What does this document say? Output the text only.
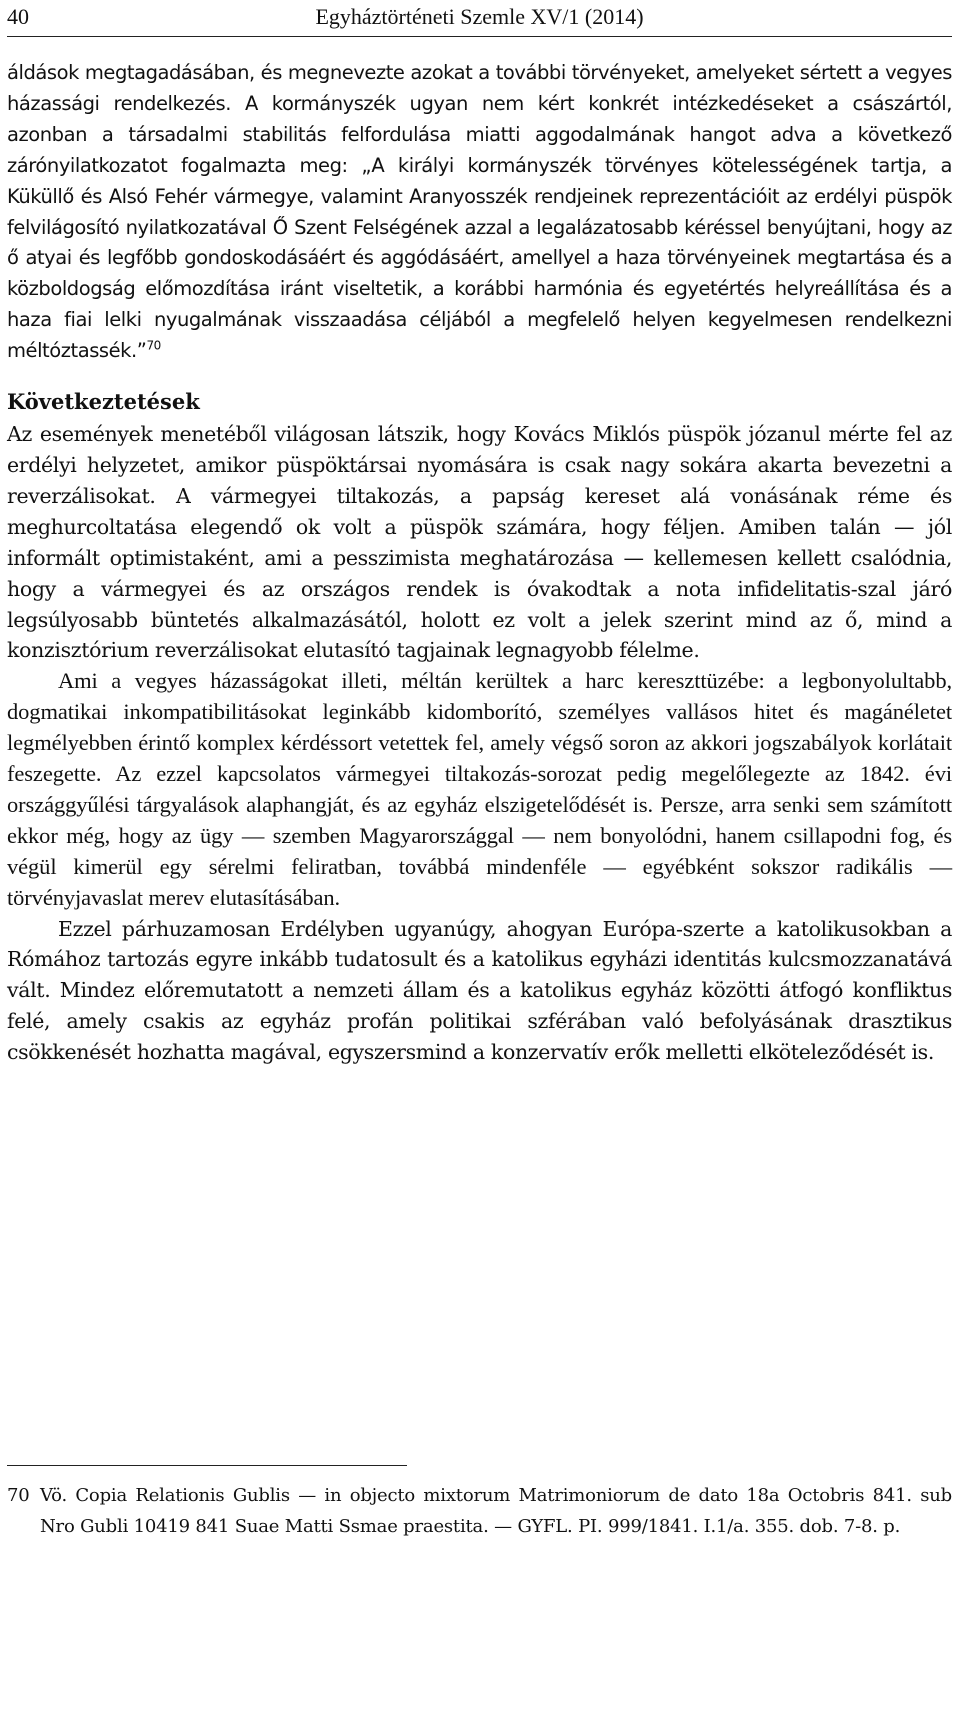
40	Egyháztörténeti Szemle XV/1 (2014)

áldások megtagadásában, és megnevezte azokat a további törvényeket, amelyeket sértett a vegyes házassági rendelkezés. A kormányszék ugyan nem kért konkrét intézkedéseket a császártól, azonban a társadalmi stabilitás felfordulása miatti aggodalmának hangot adva a következő zárónyilatkozatot fogalmazta meg: „A királyi kormányszék törvényes kötelességének tartja, a Küküllő és Alsó Fehér vármegye, valamint Aranyosszék rendjeinek reprezentációit az erdélyi püspök felvilágosító nyilatkozatával Ő Szent Felségének azzal a legalázatosabb kéréssel benyújtani, hogy az ő atyai és legfőbb gondoskodásáért és aggódásáért, amellyel a haza törvényeinek megtartása és a közboldogság előmozdítása iránt viseltetik, a korábbi harmónia és egyetértés helyreállítása és a haza fiai lelki nyugalmának visszaadása céljából a megfelelő helyen kegyelmesen rendelkezni méltóztassék.”$^{70}$

Következtetések

Az események menetéből világosan látszik, hogy Kovács Miklós püspök józanul mérte fel az erdélyi helyzetet, amikor püspöktársai nyomására is csak nagy sokára akarta bevezetni a reverzálisokat. A vármegyei tiltakozás, a papság kereset alá vonásának réme és meghurcoltatása elegendő ok volt a püspök számára, hogy féljen. Amiben talán — jól informált optimistaként, ami a pesszimista meghatározása — kellemesen kellett csalódnia, hogy a vármegyei és az országos rendek is óvakodtak a nota infidelitatis-szal járó legsúlyosabb büntetés alkalmazásától, holott ez volt a jelek szerint mind az ő, mind a konzisztórium reverzálisokat elutasító tagjainak legnagyobb félelme.

Ami a vegyes házasságokat illeti, méltán kerültek a harc kereszttüzébe: a legbonyolultabb, dogmatikai inkompatibilitásokat leginkább kidomborító, személyes vallásos hitet és magánéletet legmélyebben érintő komplex kérdéssort vetettek fel, amely végső soron az akkori jogszabályok korlátait feszegette. Az ezzel kapcsolatos vármegyei tiltakozás-sorozat pedig megelőlegezte az 1842. évi országgyűlési tárgyalások alaphangját, és az egyház elszigetelődését is. Persze, arra senki sem számított ekkor még, hogy az ügy — szemben Magyarországgal — nem bonyolódni, hanem csillapodni fog, és végül kimerül egy sérelmi feliratban, továbbá mindenféle — egyébként sokszor radikális — törvényjavaslat merev elutasításában.

Ezzel párhuzamosan Erdélyben ugyanúgy, ahogyan Európa-szerte a katolikusokban a Rómához tartozás egyre inkább tudatosult és a katolikus egyházi identitás kulcsmozzanatává vált. Mindez előremutatott a nemzeti állam és a katolikus egyház közötti átfogó konfliktus felé, amely csakis az egyház profán politikai szférában való befolyásának drasztikus csökkenését hozhatta magával, egyszersmind a konzervatív erők melletti elköteleződését is.

70 Vö. Copia Relationis Gublis — in objecto mixtorum Matrimoniorum de dato 18a Octobris 841. sub Nro Gubli 10419 841 Suae Matti Ssmae praestita. — GYFL. PI. 999/1841. I.1/a. 355. dob. 7-8. p.
